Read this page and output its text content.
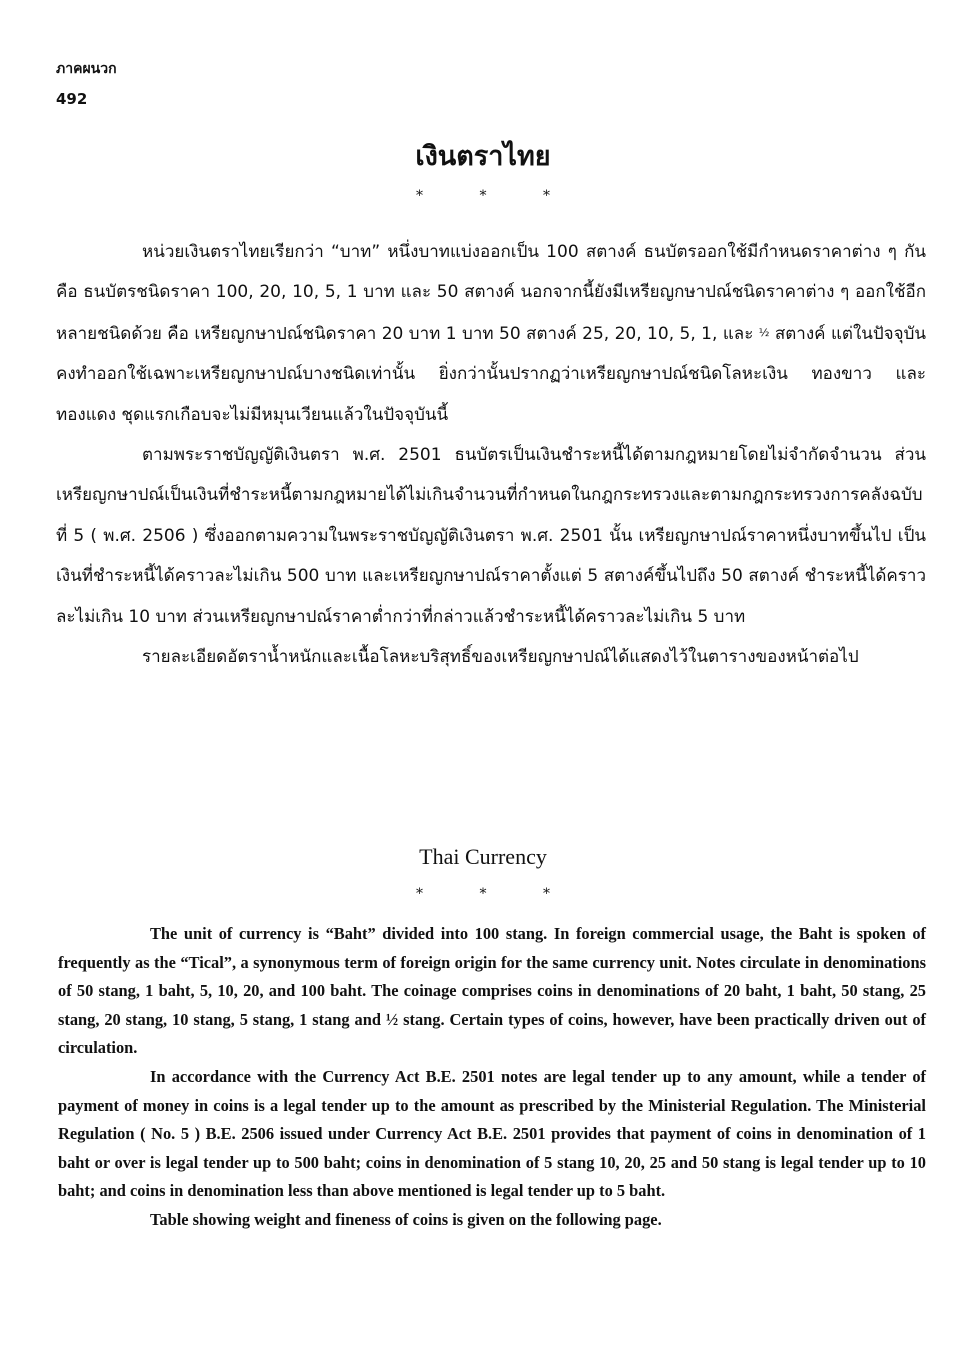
ภาคผนวก
492
เงินตราไทย
* * *

หน่วยเงินตราไทยเรียกว่า “บาท” หนึ่งบาทแบ่งออกเป็น 100 สตางค์ ธนบัตรออกใช้มีกำหนดราคาต่าง ๆ กัน คือ ธนบัตรชนิดราคา 100, 20, 10, 5, 1 บาท และ 50 สตางค์ นอกจากนี้ยังมีเหรียญกษาปณ์ชนิดราคาต่าง ๆ ออกใช้อีกหลายชนิดด้วย คือ เหรียญกษาปณ์ชนิดราคา 20 บาท 1 บาท 50 สตางค์ 25, 20, 10, 5, 1, และ ½ สตางค์ แต่ในปัจจุบันคงทำออกใช้เฉพาะเหรียญกษาปณ์บางชนิดเท่านั้น ยิ่งกว่านั้นปรากฏว่าเหรียญกษาปณ์ชนิดโลหะเงิน ทองขาว และทองแดง ชุดแรกเกือบจะไม่มีหมุนเวียนแล้วในปัจจุบันนี้

ตามพระราชบัญญัติเงินตรา พ.ศ. 2501 ธนบัตรเป็นเงินชำระหนี้ได้ตามกฎหมายโดยไม่จำกัดจำนวน ส่วนเหรียญกษาปณ์เป็นเงินที่ชำระหนี้ตามกฎหมายได้ไม่เกินจำนวนที่กำหนดในกฎกระทรวงและตามกฎกระทรวงการคลังฉบับที่ 5 ( พ.ศ. 2506 ) ซึ่งออกตามความในพระราชบัญญัติเงินตรา พ.ศ. 2501 นั้น เหรียญกษาปณ์ราคาหนึ่งบาทขึ้นไป เป็นเงินที่ชำระหนี้ได้คราวละไม่เกิน 500 บาท และเหรียญกษาปณ์ราคาตั้งแต่ 5 สตางค์ขึ้นไปถึง 50 สตางค์ ชำระหนี้ได้คราวละไม่เกิน 10 บาท ส่วนเหรียญกษาปณ์ราคาต่ำกว่าที่กล่าวแล้วชำระหนี้ได้คราวละไม่เกิน 5 บาท

รายละเอียดอัตราน้ำหนักและเนื้อโลหะบริสุทธิ์ของเหรียญกษาปณ์ได้แสดงไว้ในตารางของหน้าต่อไป

Thai Currency
* * *

The unit of currency is “Baht” divided into 100 stang. In foreign commercial usage, the Baht is spoken of frequently as the “Tical”, a synonymous term of foreign origin for the same currency unit. Notes circulate in denominations of 50 stang, 1 baht, 5, 10, 20, and 100 baht. The coinage comprises coins in denominations of 20 baht, 1 baht, 50 stang, 25 stang, 20 stang, 10 stang, 5 stang, 1 stang and ½ stang. Certain types of coins, however, have been practically driven out of circulation.

In accordance with the Currency Act B.E. 2501 notes are legal tender up to any amount, while a tender of payment of money in coins is a legal tender up to the amount as prescribed by the Ministerial Regulation. The Ministerial Regulation ( No. 5 ) B.E. 2506 issued under Currency Act B.E. 2501 provides that payment of coins in denomination of 1 baht or over is legal tender up to 500 baht; coins in denomination of 5 stang 10, 20, 25 and 50 stang is legal tender up to 10 baht; and coins in denomination less than above mentioned is legal tender up to 5 baht.

Table showing weight and fineness of coins is given on the following page.
